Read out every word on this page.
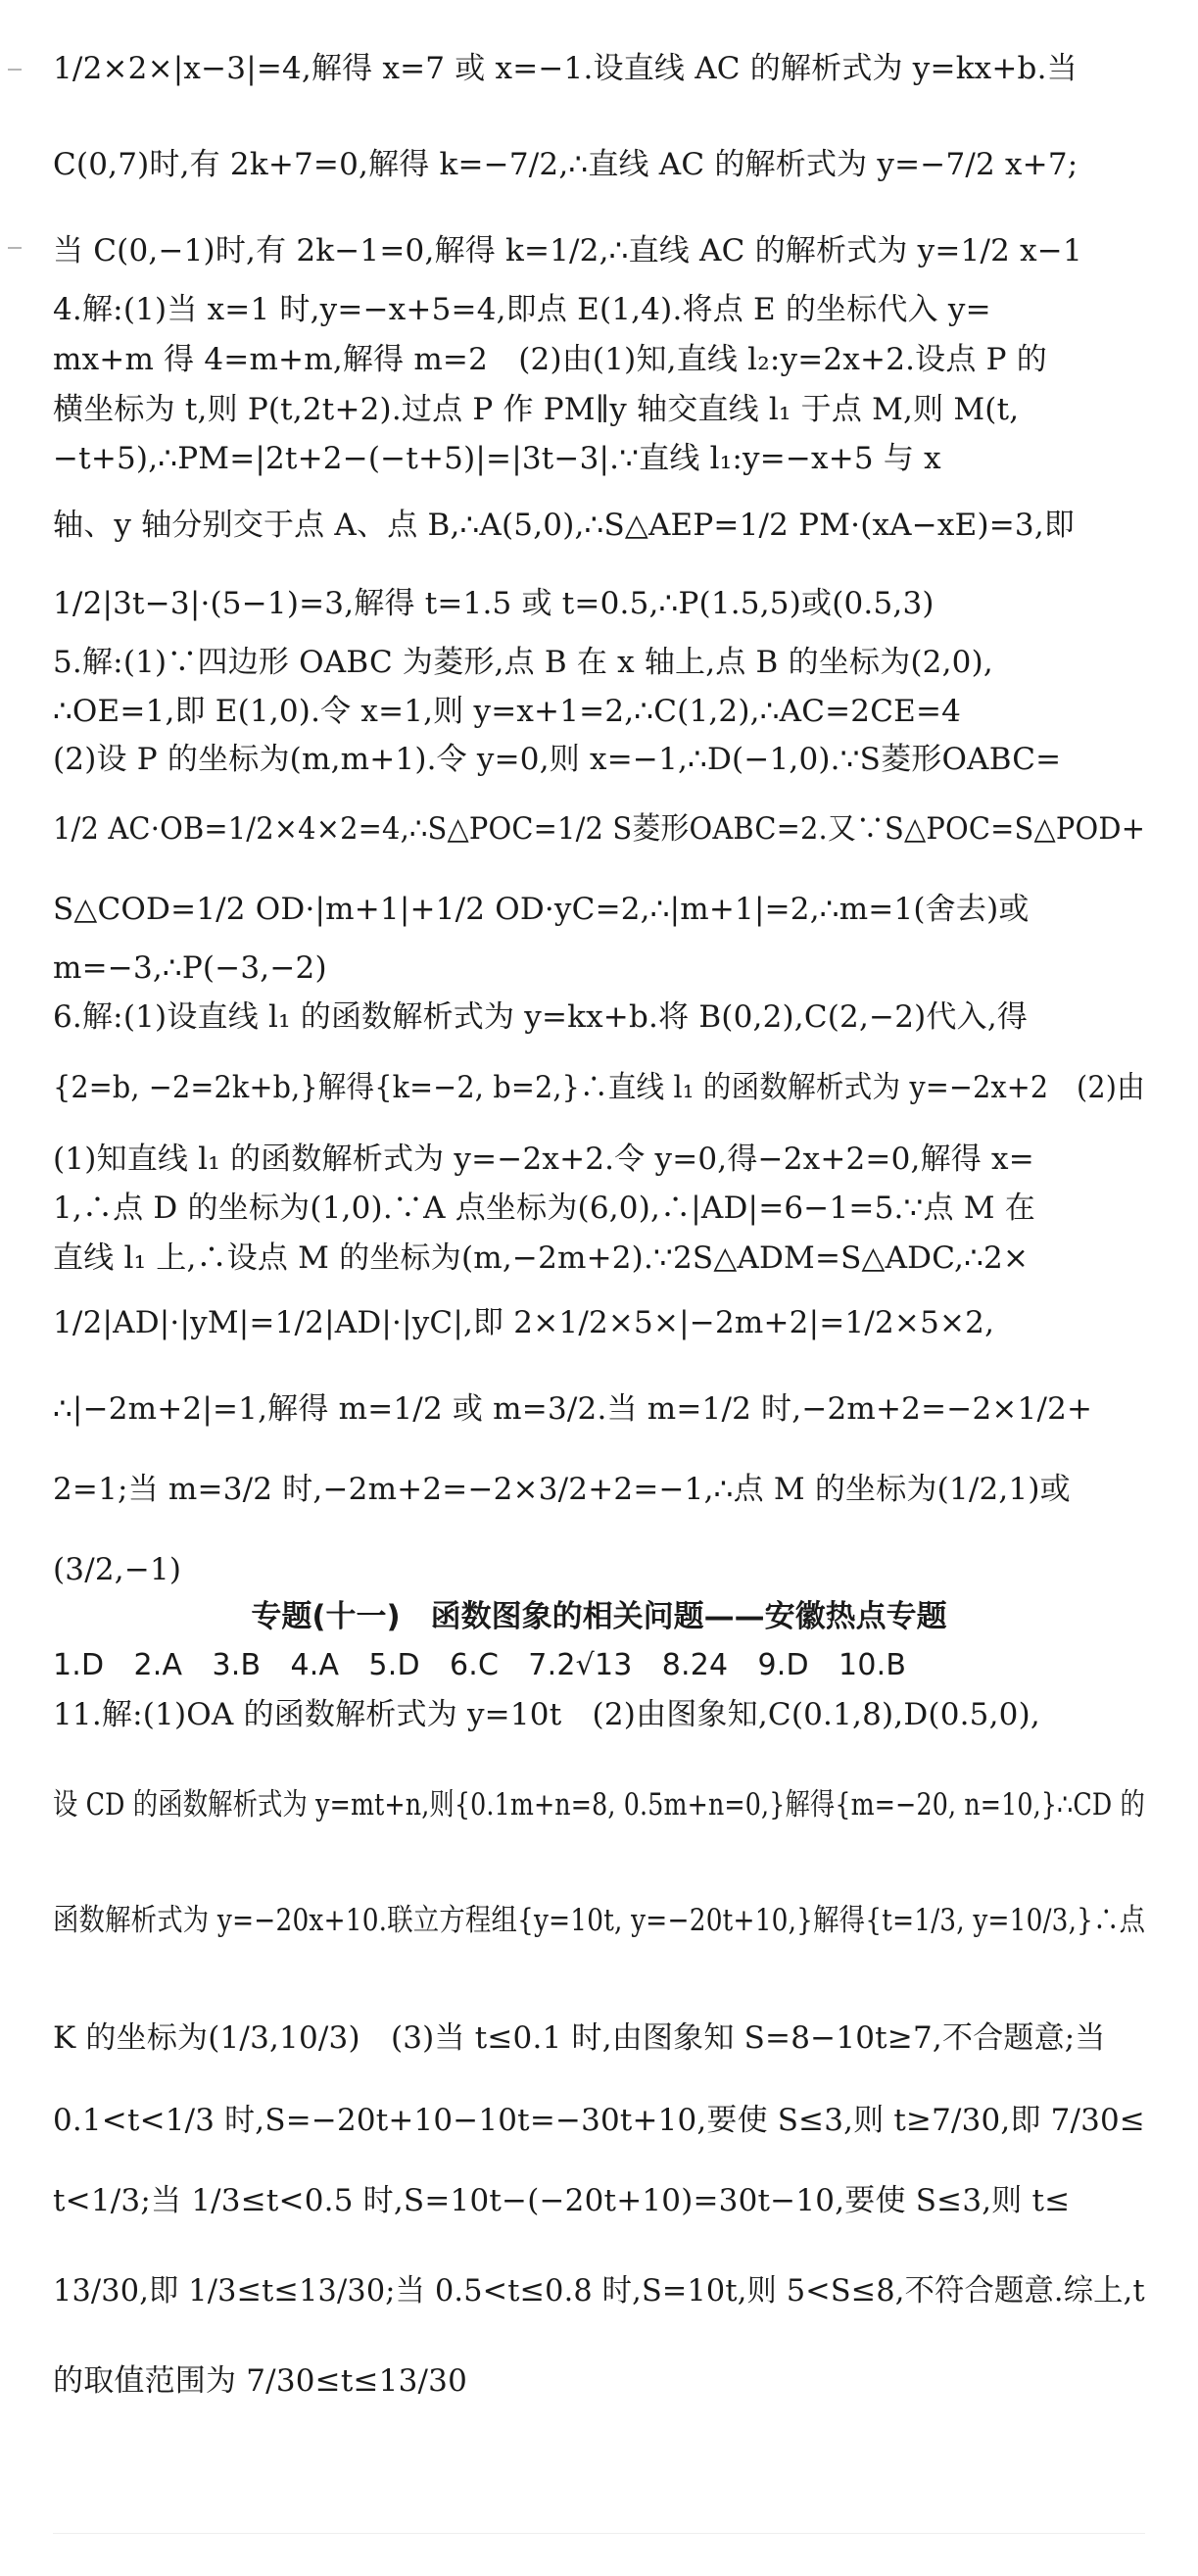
1/2×2×|x−3|=4,解得 x=7 或 x=−1.设直线 AC 的解析式为 y=kx+b.当
C(0,7)时,有 2k+7=0,解得 k=−7/2,∴直线 AC 的解析式为 y=−7/2 x+7;
当 C(0,−1)时,有 2k−1=0,解得 k=1/2,∴直线 AC 的解析式为 y=1/2 x−1
4.解:(1)当 x=1 时,y=−x+5=4,即点 E(1,4).将点 E 的坐标代入 y=
mx+m 得 4=m+m,解得 m=2　(2)由(1)知,直线 l₂:y=2x+2.设点 P 的
横坐标为 t,则 P(t,2t+2).过点 P 作 PM∥y 轴交直线 l₁ 于点 M,则 M(t,
−t+5),∴PM=|2t+2−(−t+5)|=|3t−3|.∵直线 l₁:y=−x+5 与 x
轴、y 轴分别交于点 A、点 B,∴A(5,0),∴S△AEP=1/2 PM·(xA−xE)=3,即
1/2|3t−3|·(5−1)=3,解得 t=1.5 或 t=0.5,∴P(1.5,5)或(0.5,3)
5.解:(1)∵四边形 OABC 为菱形,点 B 在 x 轴上,点 B 的坐标为(2,0),
∴OE=1,即 E(1,0).令 x=1,则 y=x+1=2,∴C(1,2),∴AC=2CE=4
(2)设 P 的坐标为(m,m+1).令 y=0,则 x=−1,∴D(−1,0).∵S菱形OABC=
1/2 AC·OB=1/2×4×2=4,∴S△POC=1/2 S菱形OABC=2.又∵S△POC=S△POD+
S△COD=1/2 OD·|m+1|+1/2 OD·yC=2,∴|m+1|=2,∴m=1(舍去)或
m=−3,∴P(−3,−2)
6.解:(1)设直线 l₁ 的函数解析式为 y=kx+b.将 B(0,2),C(2,−2)代入,得
{2=b, −2=2k+b,}解得{k=−2, b=2,}∴直线 l₁ 的函数解析式为 y=−2x+2　(2)由
(1)知直线 l₁ 的函数解析式为 y=−2x+2.令 y=0,得−2x+2=0,解得 x=
1,∴点 D 的坐标为(1,0).∵A 点坐标为(6,0),∴|AD|=6−1=5.∵点 M 在
直线 l₁ 上,∴设点 M 的坐标为(m,−2m+2).∵2S△ADM=S△ADC,∴2×
1/2|AD|·|yM|=1/2|AD|·|yC|,即 2×1/2×5×|−2m+2|=1/2×5×2,
∴|−2m+2|=1,解得 m=1/2 或 m=3/2.当 m=1/2 时,−2m+2=−2×1/2+
2=1;当 m=3/2 时,−2m+2=−2×3/2+2=−1,∴点 M 的坐标为(1/2,1)或
(3/2,−1)
专题(十一)　函数图象的相关问题——安徽热点专题
1.D　2.A　3.B　4.A　5.D　6.C　7.2√13　8.24　9.D　10.B
11.解:(1)OA 的函数解析式为 y=10t　(2)由图象知,C(0.1,8),D(0.5,0),
设 CD 的函数解析式为 y=mt+n,则{0.1m+n=8, 0.5m+n=0,}解得{m=−20, n=10,}∴CD 的
函数解析式为 y=−20x+10.联立方程组{y=10t, y=−20t+10,}解得{t=1/3, y=10/3,}∴点
K 的坐标为(1/3,10/3)　(3)当 t≤0.1 时,由图象知 S=8−10t≥7,不合题意;当
0.1<t<1/3 时,S=−20t+10−10t=−30t+10,要使 S≤3,则 t≥7/30,即 7/30≤
t<1/3;当 1/3≤t<0.5 时,S=10t−(−20t+10)=30t−10,要使 S≤3,则 t≤
13/30,即 1/3≤t≤13/30;当 0.5<t≤0.8 时,S=10t,则 5<S≤8,不符合题意.综上,t
的取值范围为 7/30≤t≤13/30
